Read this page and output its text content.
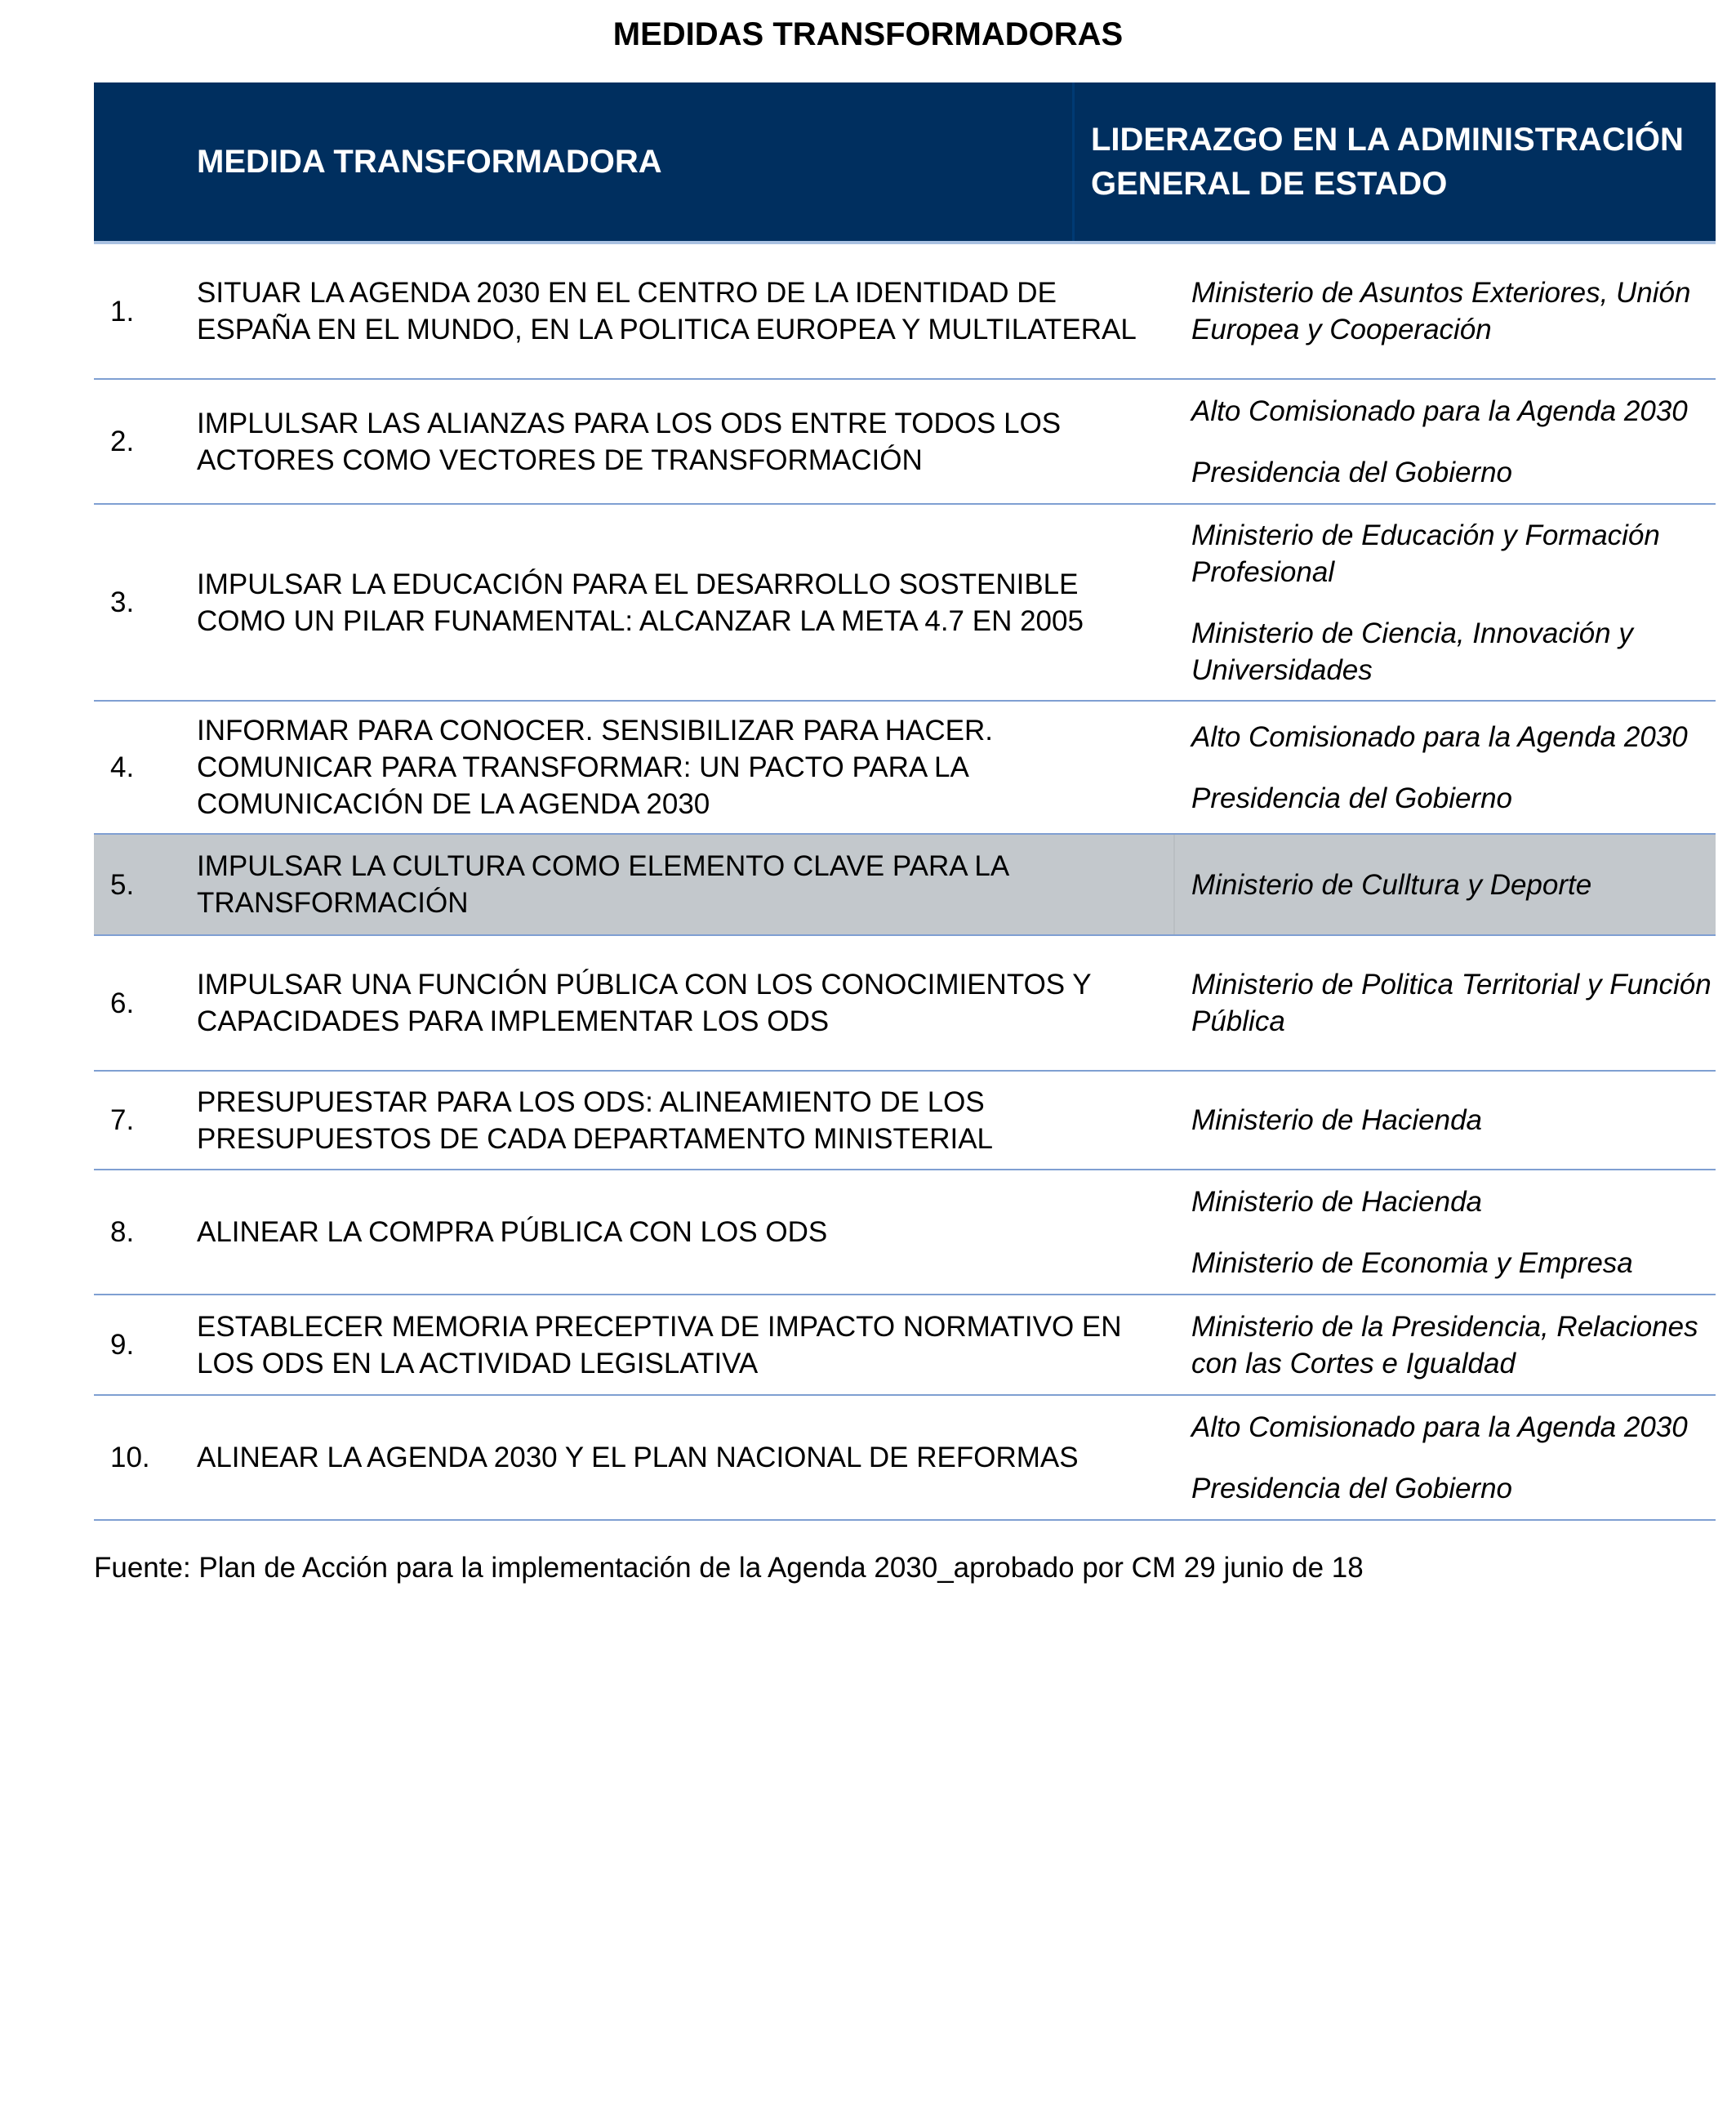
MEDIDAS TRANSFORMADORAS
MEDIDA TRANSFORMADORA
LIDERAZGO EN LA ADMINISTRACIÓN GENERAL DE ESTADO
1.
SITUAR LA AGENDA 2030 EN EL CENTRO DE LA IDENTIDAD DE ESPAÑA EN EL MUNDO, EN LA POLITICA EUROPEA Y MULTILATERAL
Ministerio de Asuntos Exteriores, Unión Europea y Cooperación
2.
IMPLULSAR LAS ALIANZAS PARA LOS ODS ENTRE TODOS LOS ACTORES COMO VECTORES DE TRANSFORMACIÓN
Alto Comisionado para la Agenda 2030
Presidencia del Gobierno
3.
IMPULSAR LA EDUCACIÓN PARA EL DESARROLLO SOSTENIBLE COMO UN PILAR FUNAMENTAL: ALCANZAR LA META 4.7 EN 2005
Ministerio de Educación y Formación Profesional
Ministerio de Ciencia, Innovación y Universidades
4.
INFORMAR PARA CONOCER. SENSIBILIZAR PARA HACER. COMUNICAR PARA TRANSFORMAR: UN PACTO PARA LA COMUNICACIÓN DE LA AGENDA 2030
Alto Comisionado para la Agenda 2030
Presidencia del Gobierno
5.
IMPULSAR LA CULTURA COMO ELEMENTO CLAVE PARA LA TRANSFORMACIÓN
Ministerio de Culltura y Deporte
6.
IMPULSAR UNA FUNCIÓN PÚBLICA CON LOS CONOCIMIENTOS Y CAPACIDADES PARA IMPLEMENTAR LOS ODS
Ministerio de Politica Territorial y Función Pública
7.
PRESUPUESTAR PARA LOS ODS: ALINEAMIENTO DE LOS PRESUPUESTOS DE CADA DEPARTAMENTO MINISTERIAL
Ministerio de Hacienda
8.	ALINEAR LA COMPRA PÚBLICA CON LOS ODS
Ministerio de Hacienda
Ministerio de Economia y Empresa
9.
ESTABLECER MEMORIA PRECEPTIVA DE IMPACTO NORMATIVO EN LOS ODS EN LA ACTIVIDAD LEGISLATIVA
Ministerio de la Presidencia, Relaciones con las Cortes e Igualdad
10.	ALINEAR LA AGENDA 2030 Y EL PLAN NACIONAL DE REFORMAS
Alto Comisionado para la Agenda 2030
Presidencia del Gobierno
Fuente: Plan de Acción para la implementación de la Agenda 2030_aprobado por CM 29 junio de 18
